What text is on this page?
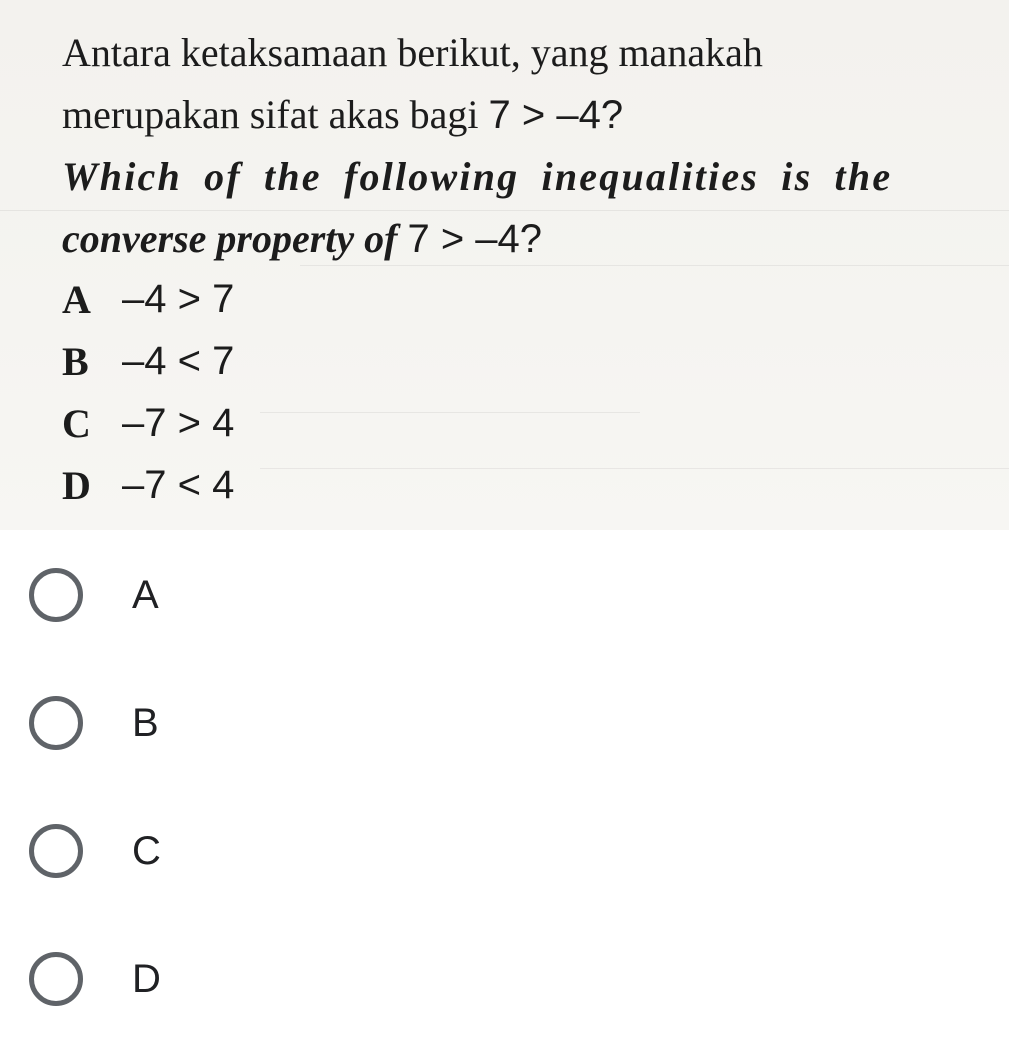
Antara ketaksamaan berikut, yang manakah
merupakan sifat akas bagi 7 > –4?
Which of the following inequalities is the
converse property of 7 > –4?
A –4 > 7
B –4 < 7
C –7 > 4
D –7 < 4
A
B
C
D
